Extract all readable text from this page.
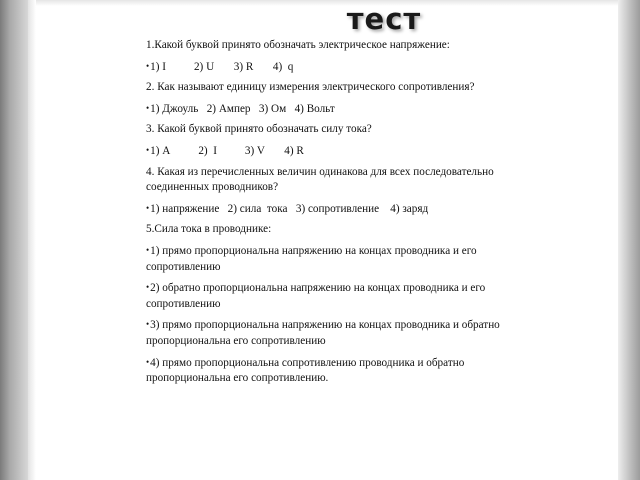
тест

1.Какой буквой принято обозначать электрическое напряжение:

•1) I          2) U       3) R       4)  q

2. Как называют единицу измерения электрического сопротивления?

•1) Джоуль   2) Ампер   3) Ом   4) Вольт

3. Какой буквой принято обозначать силу тока?

•1) А          2)  I          3) V       4) R

4. Какая из перечисленных величин одинакова для всех последовательно соединенных проводников?

•1) напряжение   2) сила  тока   3) сопротивление    4) заряд

5.Сила тока в проводнике:

•1) прямо пропорциональна напряжению на концах проводника и его сопротивлению

•2) обратно пропорциональна напряжению на концах проводника и его сопротивлению

•3) прямо пропорциональна напряжению на концах проводника и обратно пропорциональна его сопротивлению

•4) прямо пропорциональна сопротивлению проводника и обратно пропорциональна его сопротивлению.
